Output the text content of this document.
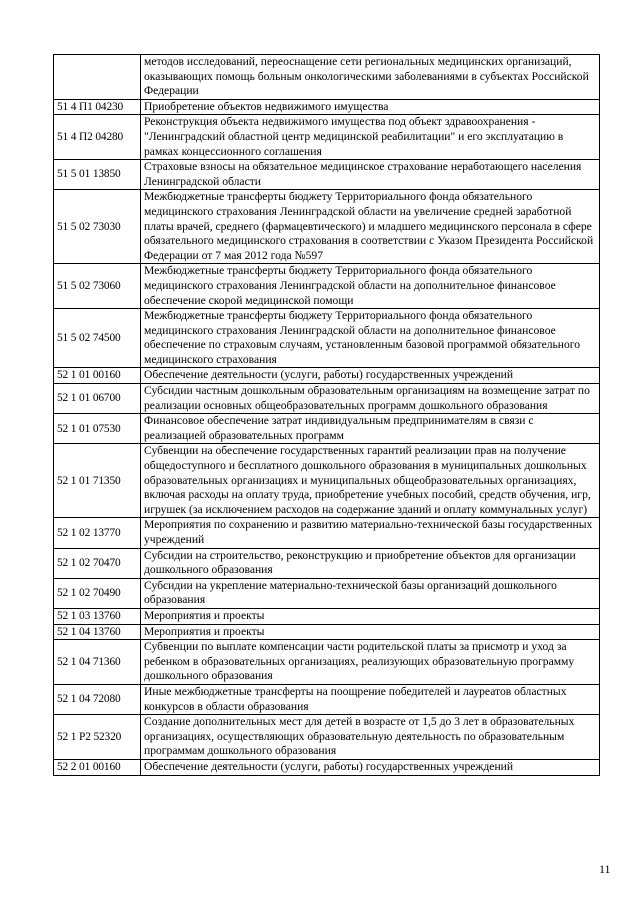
	методов исследований, переоснащение сети региональных медицинских организаций, оказывающих помощь больным онкологическими заболеваниями в субъектах Российской Федерации
51 4 П1 04230	Приобретение объектов недвижимого имущества
51 4 П2 04280	Реконструкция объекта недвижимого имущества под объект здравоохранения - "Ленинградский областной центр медицинской реабилитации" и его эксплуатацию в рамках концессионного соглашения
51 5 01 13850	Страховые взносы на обязательное медицинское страхование неработающего населения Ленинградской области
51 5 02 73030	Межбюджетные трансферты бюджету Территориального фонда обязательного медицинского страхования Ленинградской области на увеличение средней заработной платы врачей, среднего (фармацевтического) и младшего медицинского персонала в сфере обязательного медицинского страхования в соответствии с Указом Президента Российской Федерации от 7 мая 2012 года №597
51 5 02 73060	Межбюджетные трансферты бюджету Территориального фонда обязательного медицинского страхования Ленинградской области на дополнительное финансовое обеспечение скорой медицинской помощи
51 5 02 74500	Межбюджетные трансферты бюджету Территориального фонда обязательного медицинского страхования Ленинградской области на дополнительное финансовое обеспечение по страховым случаям, установленным базовой программой обязательного медицинского страхования
52 1 01 00160	Обеспечение деятельности (услуги, работы) государственных учреждений
52 1 01 06700	Субсидии частным дошкольным образовательным организациям на возмещение затрат по реализации основных общеобразовательных программ дошкольного образования
52 1 01 07530	Финансовое обеспечение затрат индивидуальным предпринимателям в связи с реализацией образовательных программ
52 1 01 71350	Субвенции на обеспечение государственных гарантий реализации прав на получение общедоступного и бесплатного дошкольного образования в муниципальных дошкольных образовательных организациях и муниципальных общеобразовательных организациях, включая расходы на оплату труда, приобретение учебных пособий, средств обучения, игр, игрушек (за исключением расходов на содержание зданий и оплату коммунальных услуг)
52 1 02 13770	Мероприятия по сохранению и развитию материально-технической базы государственных учреждений
52 1 02 70470	Субсидии на строительство, реконструкцию и приобретение объектов для организации дошкольного образования
52 1 02 70490	Субсидии на укрепление материально-технической базы организаций дошкольного образования
52 1 03 13760	Мероприятия и проекты
52 1 04 13760	Мероприятия и проекты
52 1 04 71360	Субвенции по выплате компенсации части родительской платы за присмотр и уход за ребенком в образовательных организациях, реализующих образовательную программу дошкольного образования
52 1 04 72080	Иные межбюджетные трансферты на поощрение победителей и лауреатов областных конкурсов в области образования
52 1 P2 52320	Создание дополнительных мест для детей в возрасте от 1,5 до 3 лет в образовательных организациях, осуществляющих образовательную деятельность по образовательным программам дошкольного образования
52 2 01 00160	Обеспечение деятельности (услуги, работы) государственных учреждений
11
